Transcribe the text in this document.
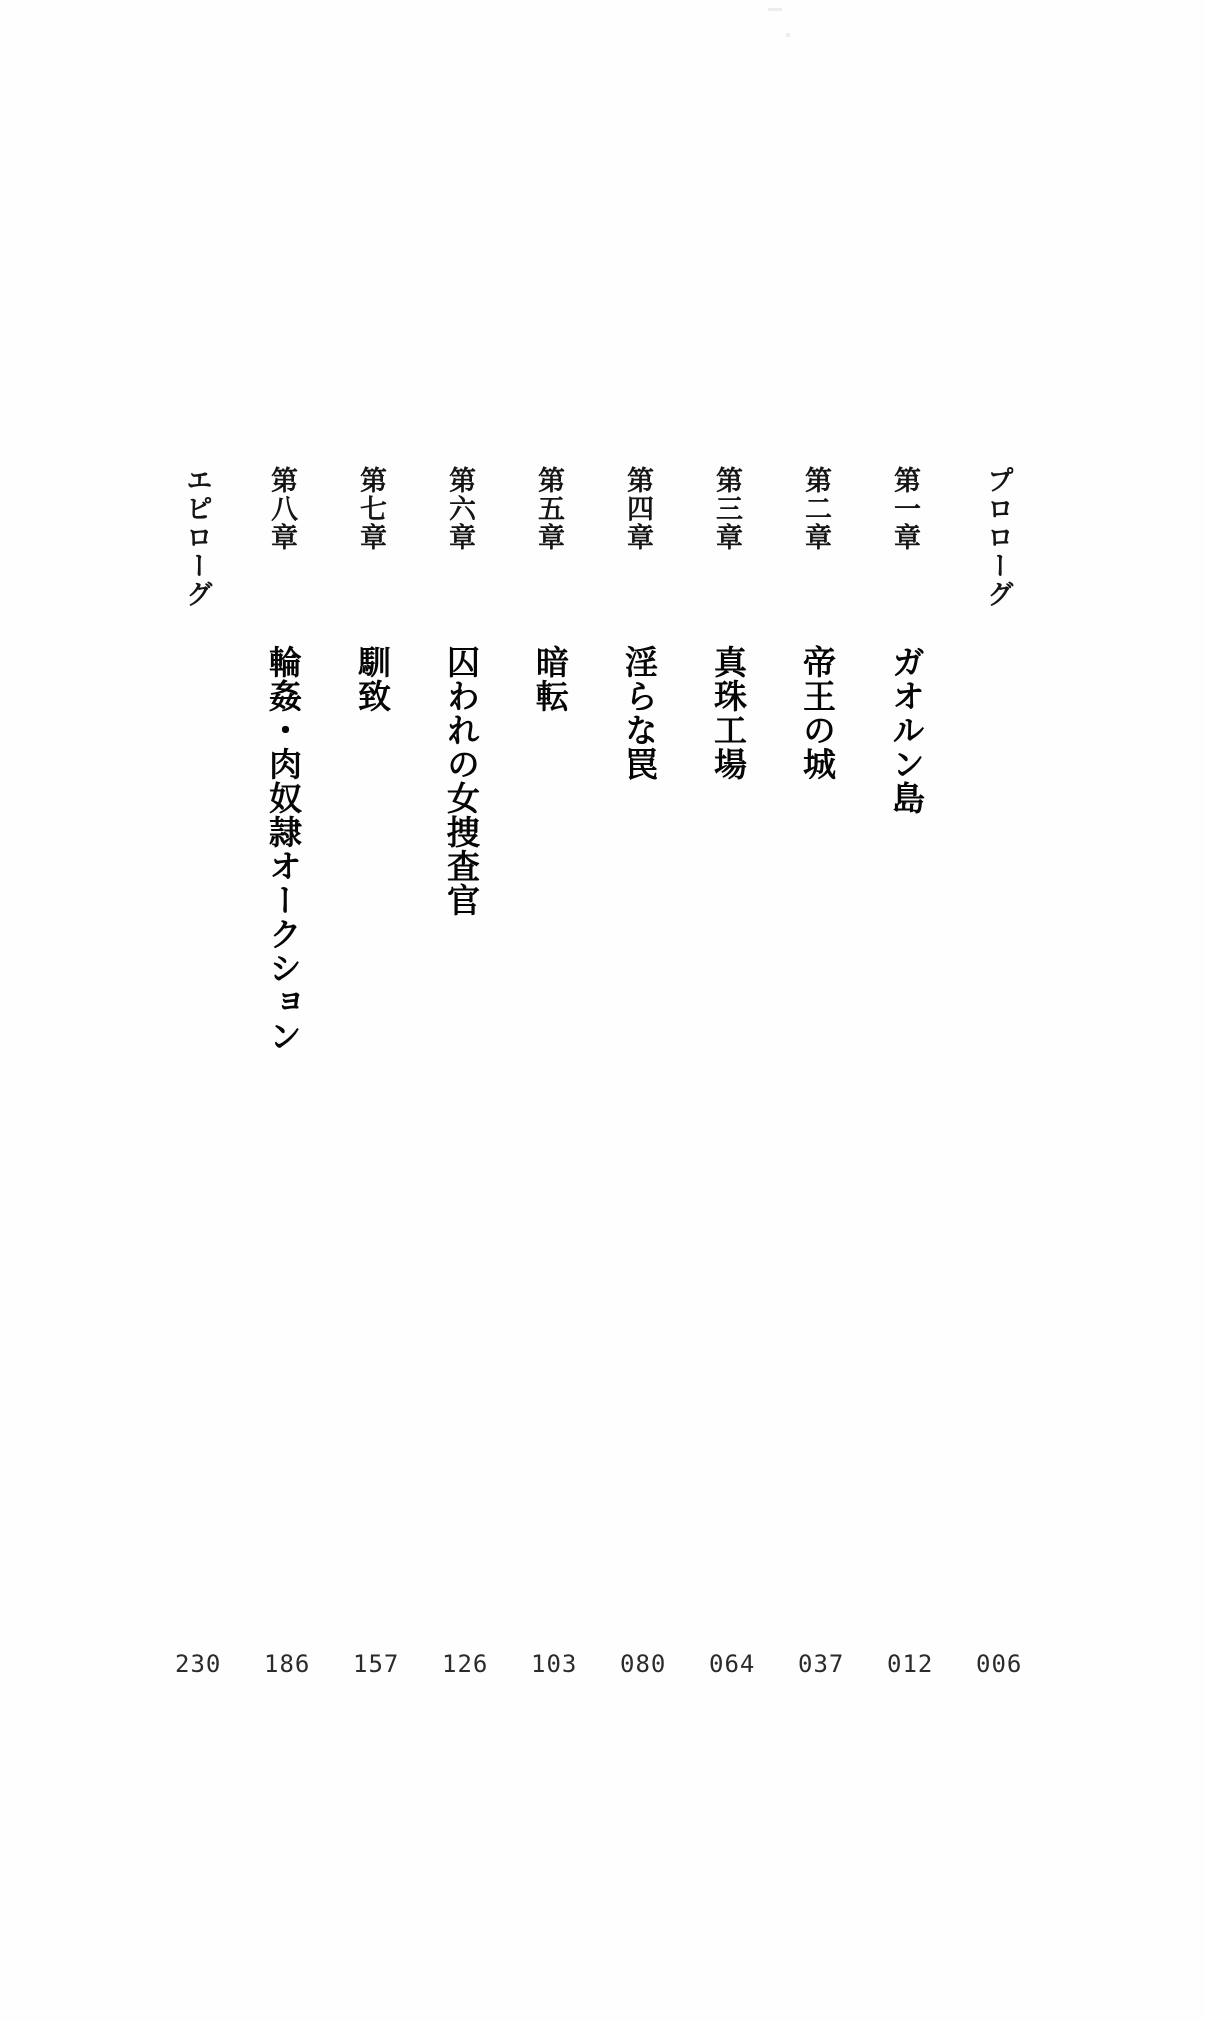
プロローグ
第一章ガオルン島
第二章帝王の城
第三章真珠工場
第四章淫らな罠
第五章暗転
第六章囚われの女捜査官
第七章馴致
第八章輪姦・肉奴隷オークション
エピローグ
006
012
037
064
080
103
126
157
186
230
